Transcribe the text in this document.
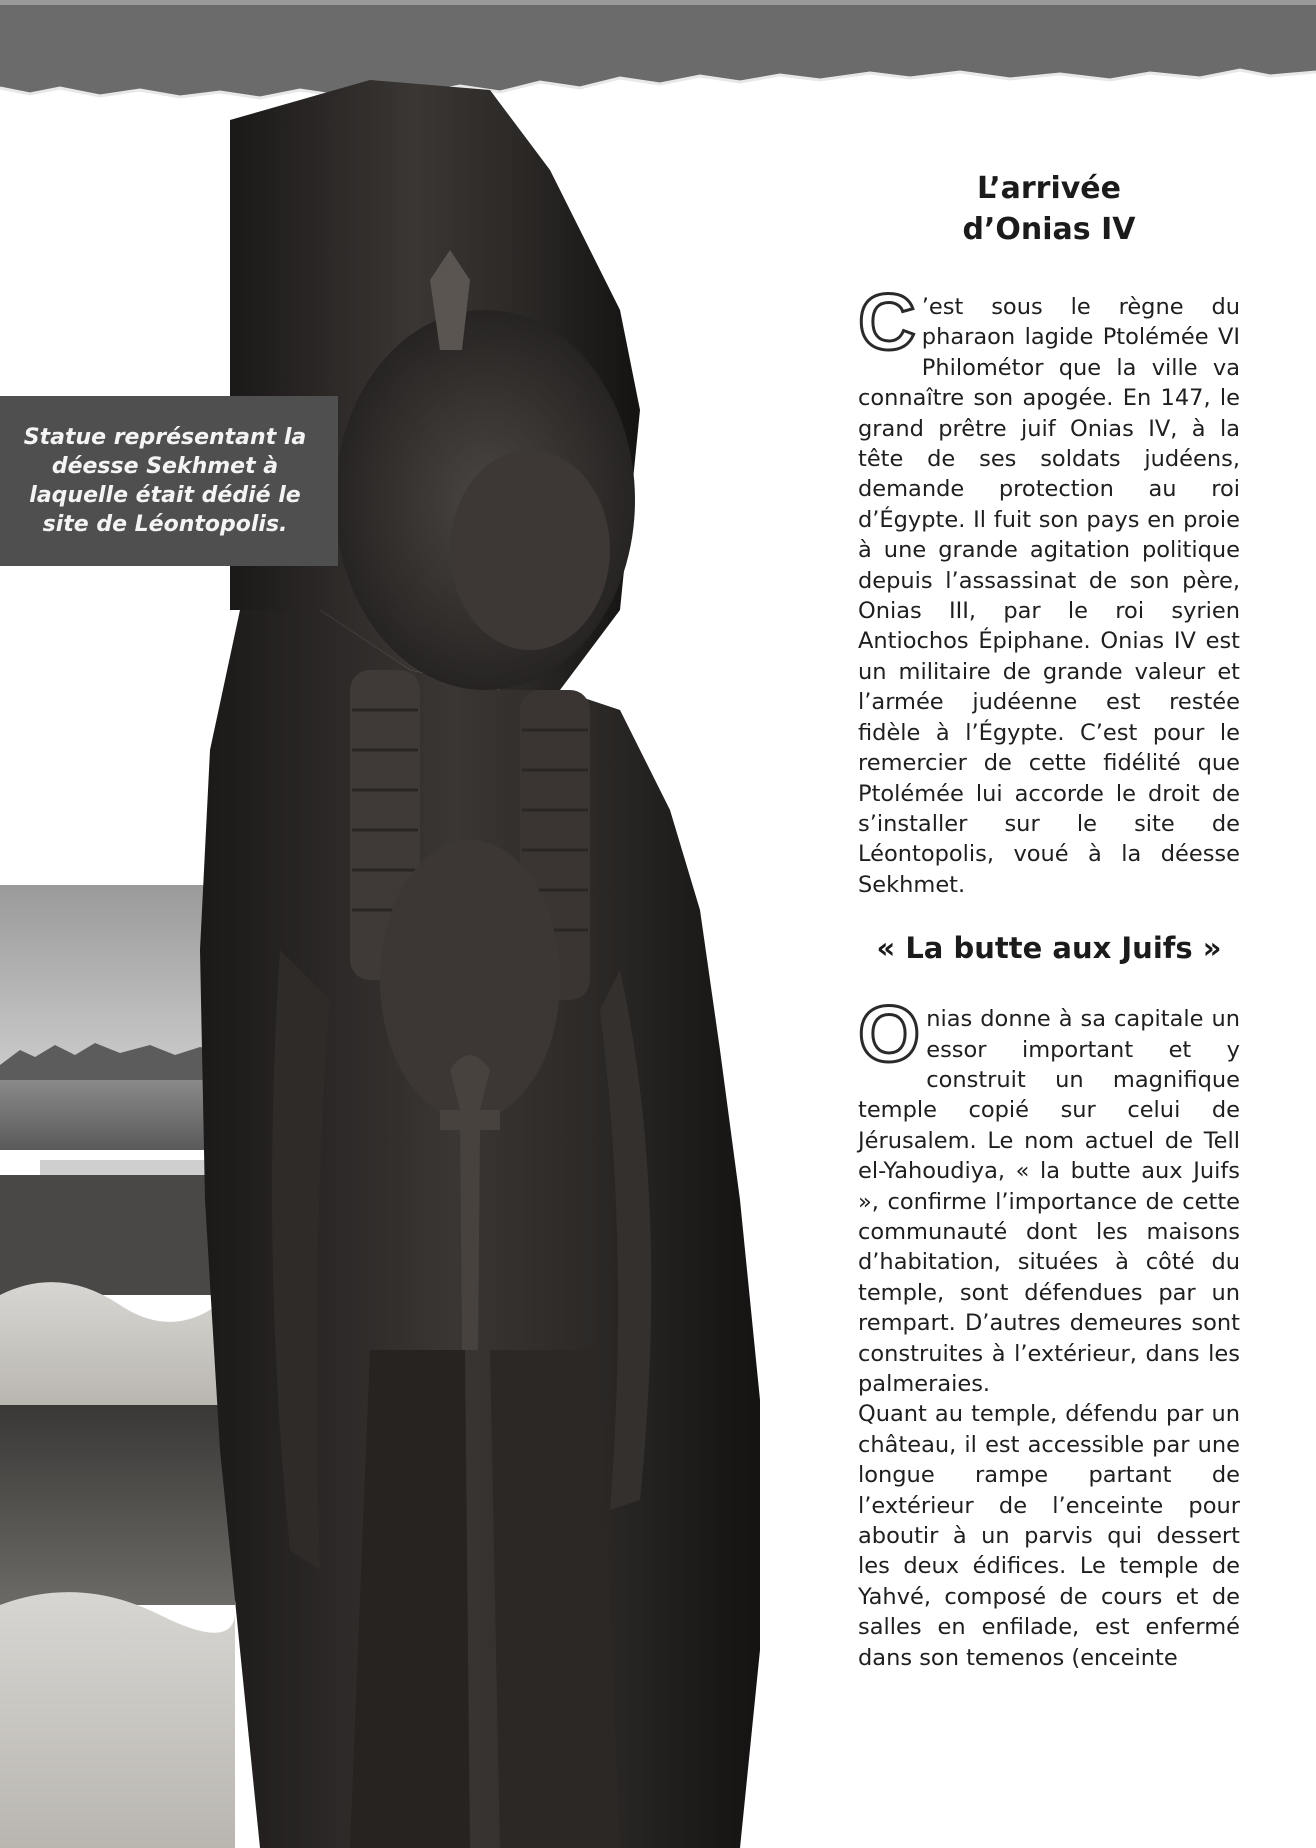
Statue représentant la déesse Sekhmet à laquelle était dédié le site de Léontopolis.
L’arrivée
d’Onias IV

C ’est sous le règne du pharaon lagide Ptolémée VI Philométor que la ville va connaître son apogée. En 147, le grand prêtre juif Onias IV, à la tête de ses soldats judéens, demande protection au roi d’Égypte. Il fuit son pays en proie à une grande agitation politique depuis l’assassinat de son père, Onias III, par le roi syrien Antiochos Épiphane. Onias IV est un militaire de grande valeur et l’armée judéenne est restée fidèle à l’Égypte. C’est pour le remercier de cette fidélité que Ptolémée lui accorde le droit de s’installer sur le site de Léontopolis, voué à la déesse Sekhmet.

« La butte aux Juifs »

Onias donne à sa capitale un essor important et y construit un magnifique temple copié sur celui de Jérusalem. Le nom actuel de Tell el-Yahoudiya, « la butte aux Juifs », confirme l’importance de cette communauté dont les maisons d’habitation, situées à côté du temple, sont défendues par un rempart. D’autres demeures sont construites à l’extérieur, dans les palmeraies.

Quant au temple, défendu par un château, il est accessible par une longue rampe partant de l’extérieur de l’enceinte pour aboutir à un parvis qui dessert les deux édifices. Le temple de Yahvé, composé de cours et de salles en enfilade, est enfermé dans son temenos (enceinte
